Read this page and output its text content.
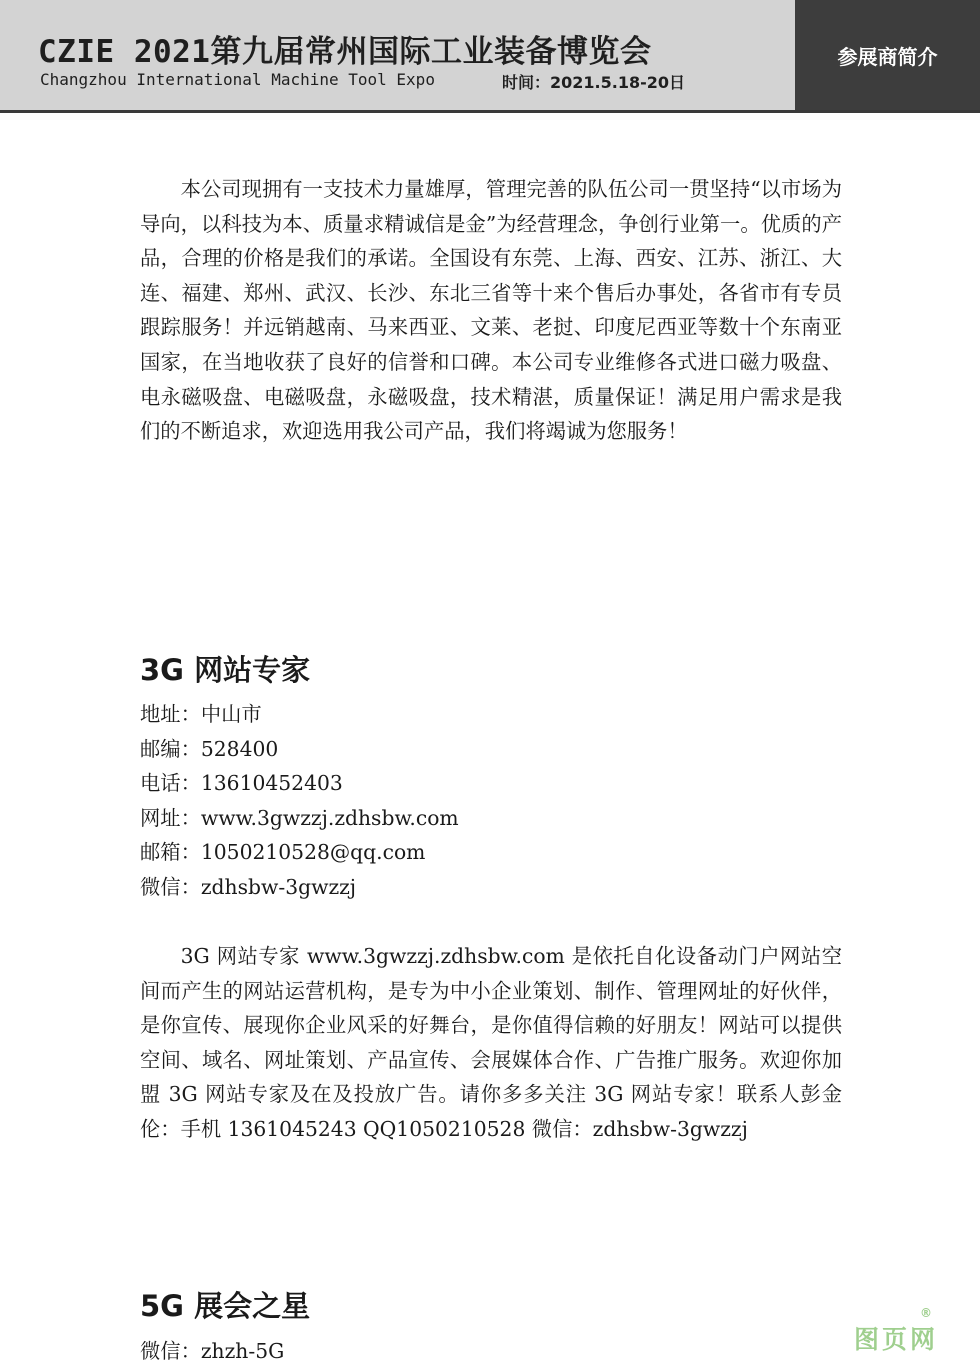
CZIE 2021第九届常州国际工业装备博览会
Changzhou International Machine Tool Expo	时间：2021.5.18-20日
参展商简介

本公司现拥有一支技术力量雄厚，管理完善的队伍公司一贯坚持“以市场为导向，以科技为本、质量求精诚信是金”为经营理念，争创行业第一。优质的产品，合理的价格是我们的承诺。全国设有东莞、上海、西安、江苏、浙江、大连、福建、郑州、武汉、长沙、东北三省等十来个售后办事处，各省市有专员跟踪服务！并远销越南、马来西亚、文莱、老挝、印度尼西亚等数十个东南亚国家，在当地收获了良好的信誉和口碑。本公司专业维修各式进口磁力吸盘、电永磁吸盘、电磁吸盘，永磁吸盘，技术精湛，质量保证！满足用户需求是我们的不断追求，欢迎选用我公司产品，我们将竭诚为您服务！

3G 网站专家
地址：中山市
邮编：528400
电话：13610452403
网址：www.3gwzzj.zdhsbw.com
邮箱：1050210528@qq.com
微信：zdhsbw-3gwzzj

3G 网站专家 www.3gwzzj.zdhsbw.com 是依托自化设备动门户网站空间而产生的网站运营机构，是专为中小企业策划、制作、管理网址的好伙伴，是你宣传、展现你企业风采的好舞台，是你值得信赖的好朋友！网站可以提供空间、域名、网址策划、产品宣传、会展媒体合作、广告推广服务。欢迎你加盟 3G 网站专家及在及投放广告。请你多多关注 3G 网站专家！联系人彭金伦：手机 1361045243 QQ1050210528 微信：zdhsbw-3gwzzj

5G 展会之星
微信：zhzh-5G	图页网
®
